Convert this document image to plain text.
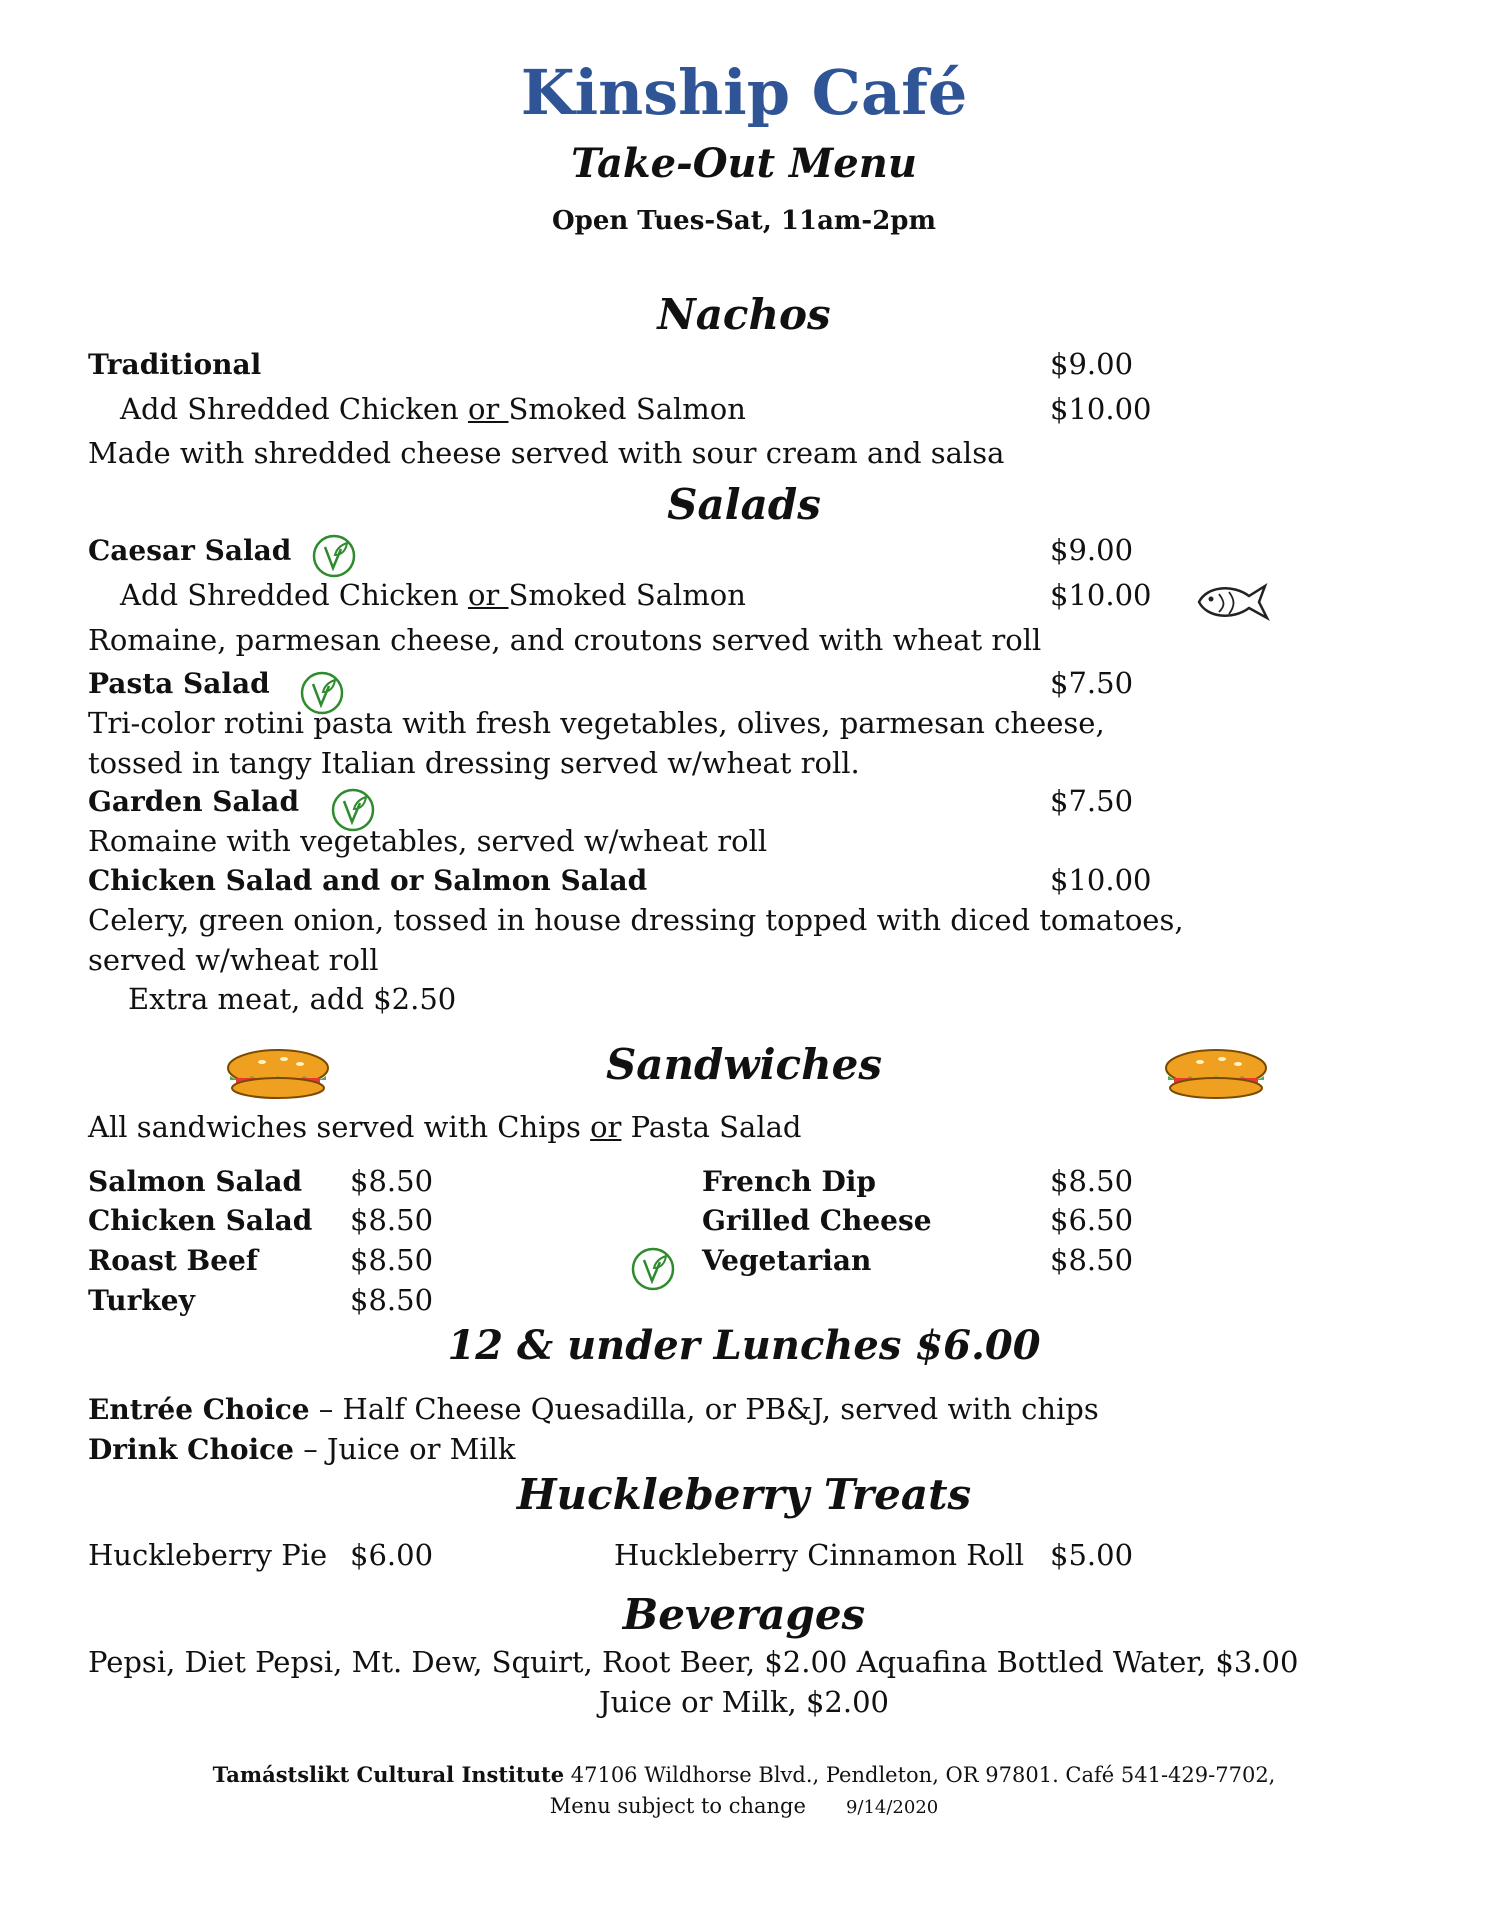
Kinship Café
Take-Out Menu
Open Tues-Sat, 11am-2pm
Nachos
Traditional	$9.00
Add Shredded Chicken or Smoked Salmon	$10.00
Made with shredded cheese served with sour cream and salsa
Salads
Caesar Salad	$9.00
Add Shredded Chicken or Smoked Salmon	$10.00
Romaine, parmesan cheese, and croutons served with wheat roll
Pasta Salad	$7.50
Tri-color rotini pasta with fresh vegetables, olives, parmesan cheese,
tossed in tangy Italian dressing served w/wheat roll.
Garden Salad	$7.50
Romaine with vegetables, served w/wheat roll
Chicken Salad and or Salmon Salad	$10.00
Celery, green onion, tossed in house dressing topped with diced tomatoes,
served w/wheat roll
Extra meat, add $2.50
Sandwiches
All sandwiches served with Chips or Pasta Salad
Salmon Salad $8.50
Chicken Salad $8.50
Roast Beef	$8.50
Turkey	$8.50
French Dip	$8.50
Grilled Cheese	$6.50
Vegetarian	$8.50
12 & under Lunches $6.00
Entrée Choice – Half Cheese Quesadilla, or PB&J, served with chips
Drink Choice – Juice or Milk
Huckleberry Treats
Huckleberry Pie $6.00	Huckleberry Cinnamon Roll $5.00
Beverages
Pepsi, Diet Pepsi, Mt. Dew, Squirt, Root Beer, $2.00 Aquafina Bottled Water, $3.00
Juice or Milk, $2.00
Tamástslikt Cultural Institute 47106 Wildhorse Blvd., Pendleton, OR 97801. Café 541-429-7702,
Menu subject to change 9/14/2020
